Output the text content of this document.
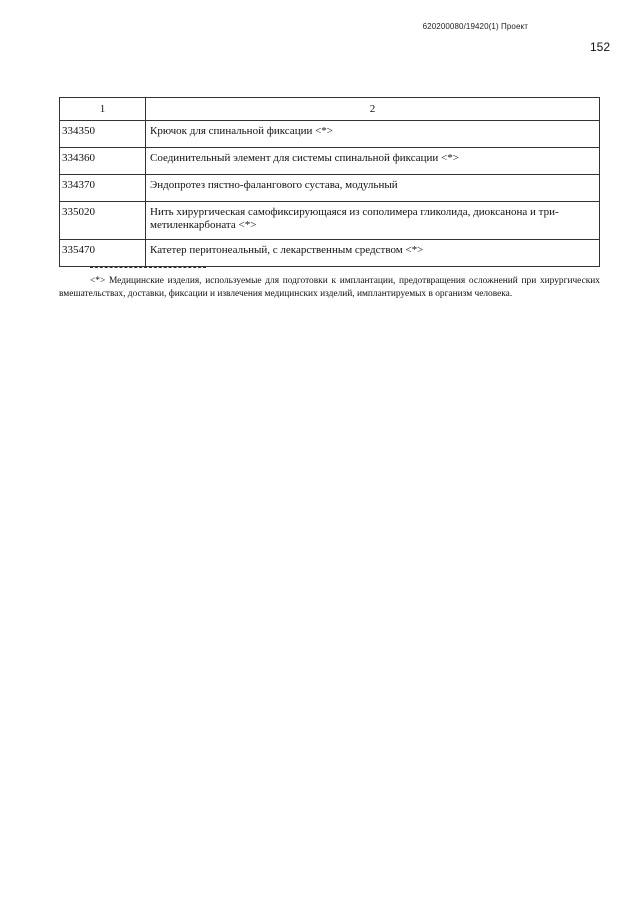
620200080/19420(1) Проект
152
1	2
334350	Крючок для спинальной фиксации <*>
334360	Соединительный элемент для системы спинальной фиксации <*>
334370	Эндопротез пястно-фалангового сустава, модульный
335020	Нить хирургическая самофиксирующаяся из сополимера гликолида, диоксанона и три-метиленкарбоната <*>
335470	Катетер перитонеальный, с лекарственным средством <*>

<*> Медицинские изделия, используемые для подготовки к имплантации, предотвращения осложнений при хирургических вмешательствах, доставки, фиксации и извлечения медицинских изделий, имплантируемых в организм человека.
